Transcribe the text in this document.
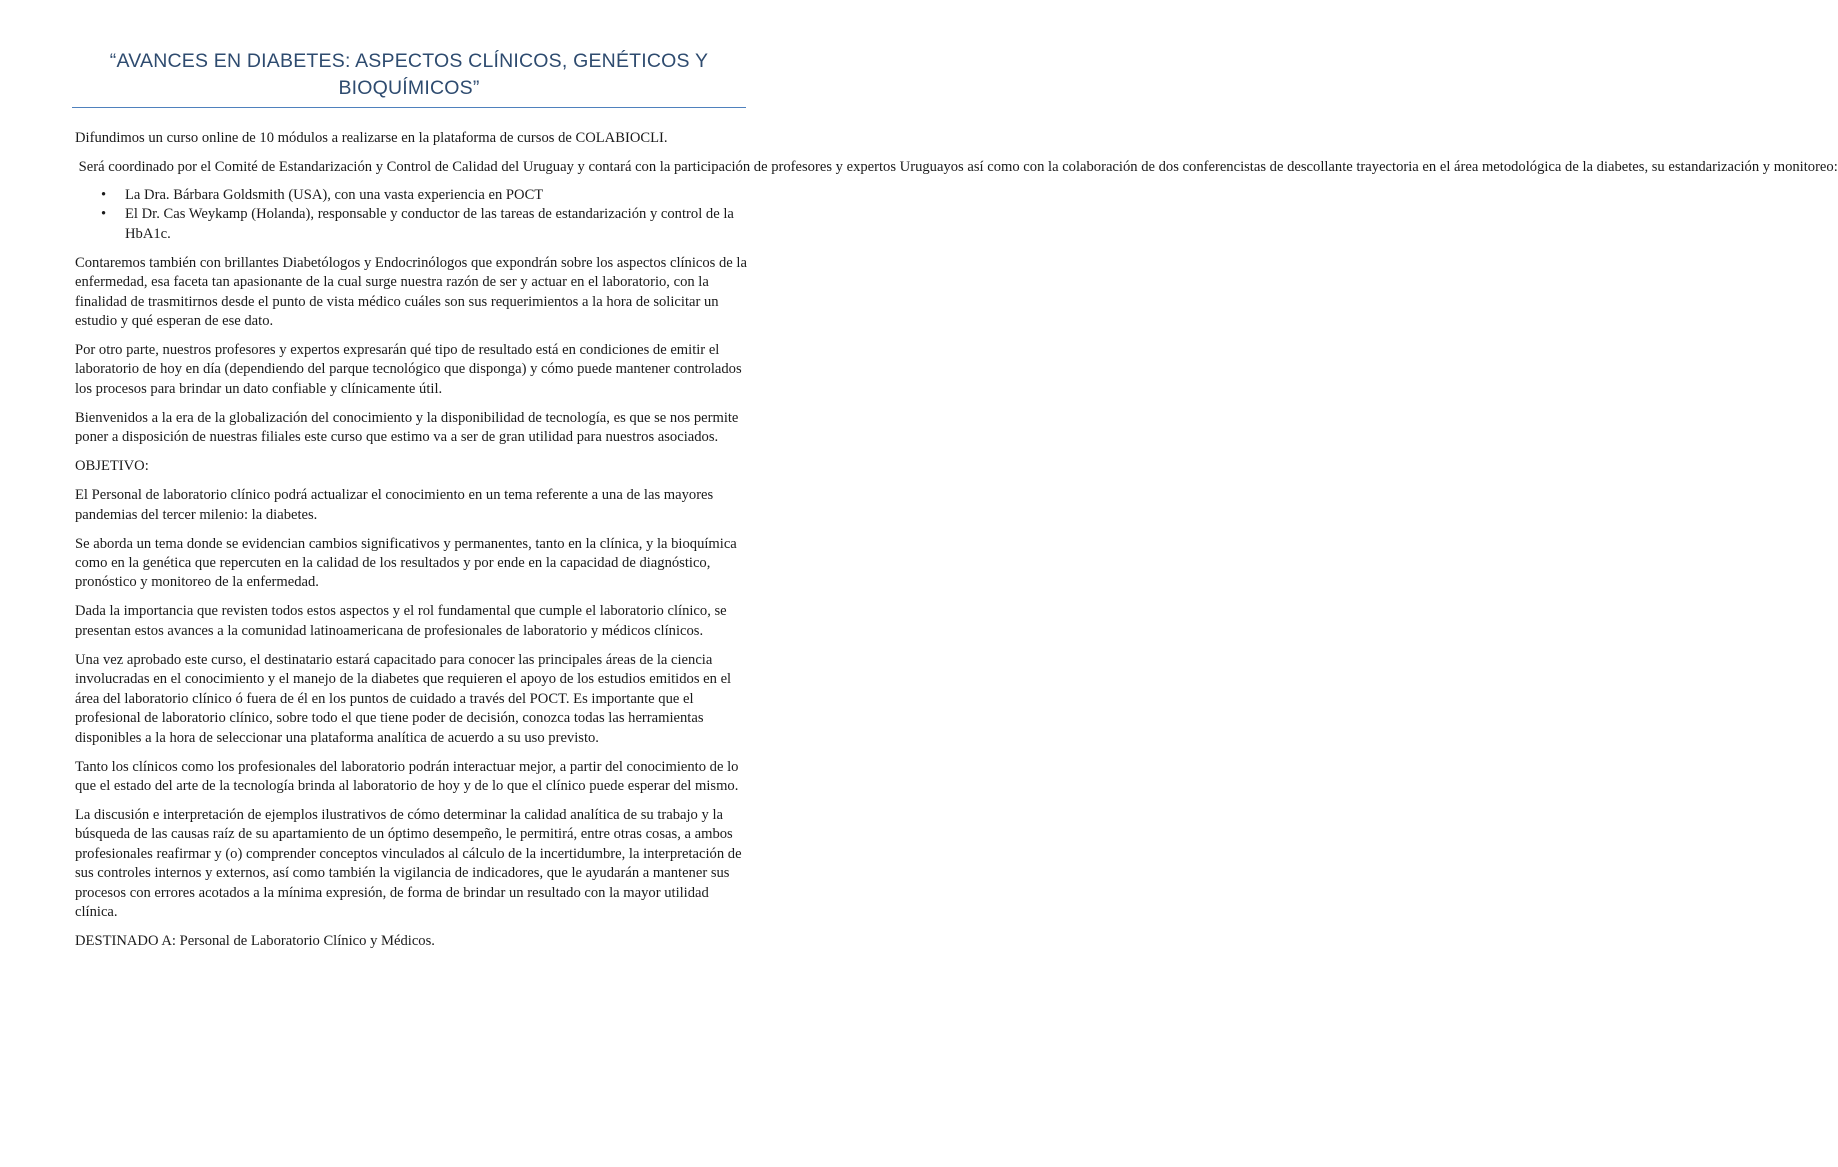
“AVANCES EN DIABETES: ASPECTOS CLÍNICOS, GENÉTICOS Y
BIOQUÍMICOS”

Difundimos un curso online de 10 módulos a realizarse en la plataforma de cursos de COLABIOCLI.

Será coordinado por el Comité de Estandarización y Control de Calidad del Uruguay y contará con la participación de profesores y expertos Uruguayos así como con la colaboración de dos conferencistas de descollante trayectoria en el área metodológica de la diabetes, su estandarización y monitoreo:

• La Dra. Bárbara Goldsmith (USA), con una vasta experiencia en POCT
• El Dr. Cas Weykamp (Holanda), responsable y conductor de las tareas de estandarización y control de la HbA1c.

Contaremos también con brillantes Diabetólogos y Endocrinólogos que expondrán sobre los aspectos clínicos de la enfermedad, esa faceta tan apasionante de la cual surge nuestra razón de ser y actuar en el laboratorio, con la finalidad de trasmitirnos desde el punto de vista médico cuáles son sus requerimientos a la hora de solicitar un estudio y qué esperan de ese dato.

Por otro parte, nuestros profesores y expertos expresarán qué tipo de resultado está en condiciones de emitir el laboratorio de hoy en día (dependiendo del parque tecnológico que disponga) y cómo puede mantener controlados los procesos para brindar un dato confiable y clínicamente útil.

Bienvenidos a la era de la globalización del conocimiento y la disponibilidad de tecnología, es que se nos permite poner a disposición de nuestras filiales este curso que estimo va a ser de gran utilidad para nuestros asociados.

OBJETIVO:

El Personal de laboratorio clínico podrá actualizar el conocimiento en un tema referente a una de las mayores pandemias del tercer milenio: la diabetes.

Se aborda un tema donde se evidencian cambios significativos y permanentes, tanto en la clínica, y la bioquímica como en la genética que repercuten en la calidad de los resultados y por ende en la capacidad de diagnóstico, pronóstico y monitoreo de la enfermedad.

Dada la importancia que revisten todos estos aspectos y el rol fundamental que cumple el laboratorio clínico, se presentan estos avances a la comunidad latinoamericana de profesionales de laboratorio y médicos clínicos.

Una vez aprobado este curso, el destinatario estará capacitado para conocer las principales áreas de la ciencia involucradas en el conocimiento y el manejo de la diabetes que requieren el apoyo de los estudios emitidos en el área del laboratorio clínico ó fuera de él en los puntos de cuidado a través del POCT. Es importante que el profesional de laboratorio clínico, sobre todo el que tiene poder de decisión, conozca todas las herramientas disponibles a la hora de seleccionar una plataforma analítica de acuerdo a su uso previsto.

Tanto los clínicos como los profesionales del laboratorio podrán interactuar mejor, a partir del conocimiento de lo que el estado del arte de la tecnología brinda al laboratorio de hoy y de lo que el clínico puede esperar del mismo.

La discusión e interpretación de ejemplos ilustrativos de cómo determinar la calidad analítica de su trabajo y la búsqueda de las causas raíz de su apartamiento de un óptimo desempeño, le permitirá, entre otras cosas, a ambos profesionales reafirmar y (o) comprender conceptos vinculados al cálculo de la incertidumbre, la interpretación de sus controles internos y externos, así como también la vigilancia de indicadores, que le ayudarán a mantener sus procesos con errores acotados a la mínima expresión, de forma de brindar un resultado con la mayor utilidad clínica.

DESTINADO A: Personal de Laboratorio Clínico y Médicos.
